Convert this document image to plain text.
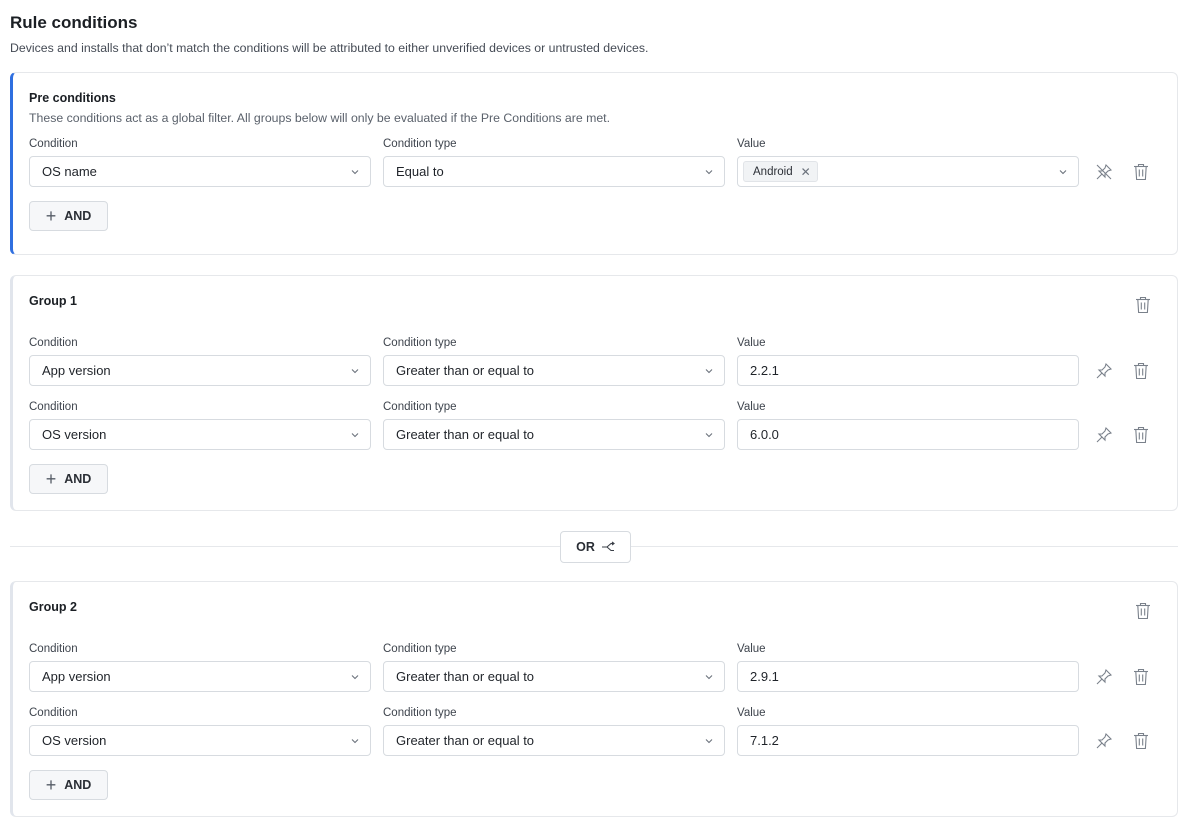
Rule conditions
Devices and installs that don’t match the conditions will be attributed to either unverified devices or untrusted devices.
Pre conditions
These conditions act as a global filter. All groups below will only be evaluated if the Pre Conditions are met.
Condition
OS name
Condition type
Equal to
Value
Android ✕
+ AND
Group 1
Condition
App version
Condition type
Greater than or equal to
Value
2.2.1
Condition
OS version
Condition type
Greater than or equal to
Value
6.0.0
+ AND
OR
Group 2
Condition
App version
Condition type
Greater than or equal to
Value
2.9.1
Condition
OS version
Condition type
Greater than or equal to
Value
7.1.2
+ AND
